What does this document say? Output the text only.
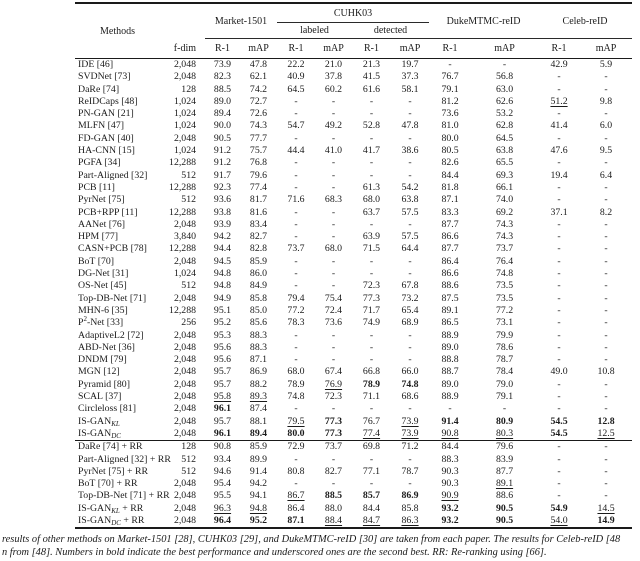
Methods		Market-1501		CUHK03				DukeMTMC-reID		Celeb-reID	
				labeled		detected					
	f-dim	R-1	mAP	R-1	mAP	R-1	mAP	R-1	mAP	R-1	mAP
IDE [46]	2,048	73.9	47.8	22.2	21.0	21.3	19.7	-	-	42.9	5.9
SVDNet [73]	2,048	82.3	62.1	40.9	37.8	41.5	37.3	76.7	56.8	-	-
DaRe [74]	128	88.5	74.2	64.5	60.2	61.6	58.1	79.1	63.0	-	-
ReIDCaps [48]	1,024	89.0	72.7	-	-	-	-	81.2	62.6	51.2	9.8
PN-GAN [21]	1,024	89.4	72.6	-	-	-	-	73.6	53.2	-	-
MLFN [47]	1,024	90.0	74.3	54.7	49.2	52.8	47.8	81.0	62.8	41.4	6.0
FD-GAN [40]	2,048	90.5	77.7	-	-	-	-	80.0	64.5	-	-
HA-CNN [15]	1,024	91.2	75.7	44.4	41.0	41.7	38.6	80.5	63.8	47.6	9.5
PGFA [34]	12,288	91.2	76.8	-	-	-	-	82.6	65.5	-	-
Part-Aligned [32]	512	91.7	79.6	-	-	-	-	84.4	69.3	19.4	6.4
PCB [11]	12,288	92.3	77.4	-	-	61.3	54.2	81.8	66.1	-	-
PyrNet [75]	512	93.6	81.7	71.6	68.3	68.0	63.8	87.1	74.0	-	-
PCB+RPP [11]	12,288	93.8	81.6	-	-	63.7	57.5	83.3	69.2	37.1	8.2
AANet [76]	2,048	93.9	83.4	-	-	-	-	87.7	74.3	-	-
HPM [77]	3,840	94.2	82.7	-	-	63.9	57.5	86.6	74.3	-	-
CASN+PCB [78]	12,288	94.4	82.8	73.7	68.0	71.5	64.4	87.7	73.7	-	-
BoT [70]	2,048	94.5	85.9	-	-	-	-	86.4	76.4	-	-
DG-Net [31]	1,024	94.8	86.0	-	-	-	-	86.6	74.8	-	-
OS-Net [45]	512	94.8	84.9	-	-	72.3	67.8	88.6	73.5	-	-
Top-DB-Net [71]	2,048	94.9	85.8	79.4	75.4	77.3	73.2	87.5	73.5	-	-
MHN-6 [35]	12,288	95.1	85.0	77.2	72.4	71.7	65.4	89.1	77.2	-	-
$P^2$-Net [33]	256	95.2	85.6	78.3	73.6	74.9	68.9	86.5	73.1	-	-
AdaptiveL2 [72]	2,048	95.3	88.3	-	-	-	-	88.9	79.9	-	-
ABD-Net [36]	2,048	95.6	88.3	-	-	-	-	89.0	78.6	-	-
DNDM [79]	2,048	95.6	87.1	-	-	-	-	88.8	78.7	-	-
MGN [12]	2,048	95.7	86.9	68.0	67.4	66.8	66.0	88.7	78.4	49.0	10.8
Pyramid [80]	2,048	95.7	88.2	78.9	76.9	78.9	74.8	89.0	79.0	-	-
SCAL [37]	2,048	95.8	89.3	74.8	72.3	71.1	68.6	88.9	79.1	-	-
Circleloss [81]	2,048	96.1	87.4	-	-	-	-	-	-	-	-
$IS-GAN_{KL}$	2,048	95.7	88.1	79.5	77.3	76.7	73.9	91.4	80.9	54.5	12.8
$IS-GAN_{DC}$	2,048	96.1	89.4	80.0	77.3	77.4	73.9	90.8	80.3	54.5	12.5
DaRe [74] + RR	128	90.8	85.9	72.9	73.7	69.8	71.2	84.4	79.6	-	-
Part-Aligned [32] + RR	512	93.4	89.9	-	-	-	-	88.3	83.9	-	-
PyrNet [75] + RR	512	94.6	91.4	80.8	82.7	77.1	78.7	90.3	87.7	-	-
BoT [70] + RR	2,048	95.4	94.2	-	-	-	-	90.3	89.1	-	-
Top-DB-Net [71] + RR	2,048	95.5	94.1	86.7	88.5	85.7	86.9	90.9	88.6	-	-
$IS-GAN_{KL}$ + RR	2,048	96.3	94.8	86.4	88.0	84.4	85.8	93.2	90.5	54.9	14.5
$IS-GAN_{DC}$ + RR	2,048	96.4	95.2	87.1	88.4	84.7	86.3	93.2	90.5	54.0	14.9
results of other methods on Market-1501 [28], CUHK03 [29], and DukeMTMC-reID [30] are taken from each paper. The results for Celeb-reID [48
n from [48]. Numbers in bold indicate the best performance and underscored ones are the second best. RR: Re-ranking using [66].
